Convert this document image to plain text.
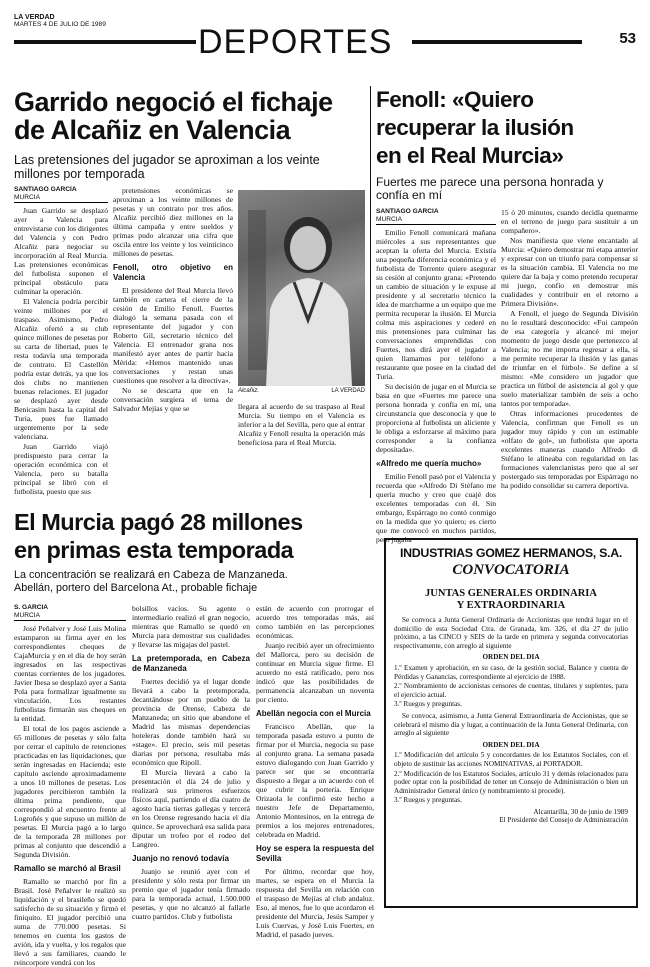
LA VERDAD
MARTES 4 DE JULIO DE 1989	DEPORTES	53
Garrido negoció el fichaje
de Alcañiz en Valencia
Las pretensiones del jugador se aproximan a los veinte millones por temporada
SANTIAGO GARCIA
MURCIA

Juan Garrido se desplazó ayer a Valencia para entrevistarse con los dirigentes del Valencia y con Pedro Alcañiz para negociar su incorporación al Real Murcia. Las pretensiones económicas del futbolista suponen el principal obstáculo para culminar la operación.

El Valencia podría percibir veinte millones por el traspaso. Asimismo, Pedro Alcañiz ofertó a su club quince millones de pesetas por su carta de libertad, pues le resta todavía una temporada de contrato. El Castellón podría estar detrás, ya que los dos clubs no mantienen buenas relaciones. El jugador se desplazó ayer desde Benicasim hasta la capital del Turia, pues fue llamado urgentemente por la sede valenciana.

Juan Garrido viajó predispuesto para cerrar la operación económica con el Valencia, pero su batalla principal se libró con el futbolista, puesto que sus

pretensiones económicas se aproximan a los veinte millones de pesetas y un contrato por tres años. Alcañiz percibió diez millones en la última campaña y entre sueldos y primas pudo alcanzar una cifra que oscila entre los veinte y los veinticinco millones de pesetas.

Fenoll, otro objetivo en Valencia

El presidente del Real Murcia llevó también en cartera el cierre de la cesión de Emilio Fenoll. Fuertes dialogó la semana pasada con el representante del jugador y con Roberto Gil, secretario técnico del Valencia. El entrenador grana nos manifestó ayer antes de partir hacia Mérida: «Hemos mantenido unas conversaciones y restan unas cuestiones que resolver a la directiva».

No se descarta que en la conversación surgiera el tema de Salvador Mejías y que se

Alcañiz.	LA VERDAD

llegara al acuerdo de su traspaso al Real Murcia. Su tiempo en el Valencia es inferior a la del Sevilla, pero que al entrar Alcañiz y Fenoll resulta la operación más beneficiosa para el Real Murcia.

Fenoll: «Quiero
recuperar la ilusión
en el Real Murcia»
Fuertes me parece una persona honrada y confía en mí
SANTIAGO GARCIA
MURCIA

Emilio Fenoll comunicará mañana miércoles a sus representantes que aceptan la oferta del Murcia. Existía una pequeña diferencia económica y el futbolista de Torrente quiere asegurar su cesión al conjunto grana: «Pretendo un cambio de situación y le expuse al presidente y al secretario técnico la idea de marcharme a un equipo que me permita recuperar la ilusión. El Murcia colma mis aspiraciones y cederé en mis pretensiones para culminar las conversaciones emprendidas con Fuertes, nos dirá ayer el jugador a quien llamamos por teléfono a restaurante que posee en la ciudad del Turia.

Su decisión de jugar en el Murcia se basa en que «Fuertes me parece una persona honrada y confía en mí, una circunstancia que desconocía y que le proporciona al futbolista un aliciente y le obliga a esforzarse al máximo para corresponder a la confianza depositada».

«Alfredo me quería mucho»

Emilio Fenoll pasó por el Valencia y recuerda que «Alfredo Di Stéfano me quería mucho y creo que cuajé dos excelentes temporadas con él. Sin embargo, Espárrago no contó conmigo en la medida que yo quiero; es cierto que me convocó en muchos partidos, pero jugaba

15 ó 20 minutos, cuando decidía quemarme en el terreno de juego para sustituir a un compañero».

Nos manifiesta que viene encantado al Murcia: «Quiero demostrar mi etapa anterior y expresar con un triunfo para compensar si es la situación cambia. El Valencia no me quiere dar la baja y como pretendo recuperar mi juego, confío en demostrar mis cualidades y contribuir en el retorno a Primera División».

A Fenoll, el juego de Segunda División no le resultará desconocido: «Fui campeón de esa categoría y alcancé mi mejor momento de juego desde que pertenezco al Valencia; no me importa regresar a ella, si me permite recuperar la ilusión y las ganas de triunfar en el fútbol». Se define a sí mismo: «Me considero un jugador que practica un fútbol de asistencia al gol y que suelo materializar también de seis a ocho tantos por temporada».

Otras informaciones procedentes de Valencia, confirman que Fenoll es un jugador muy rápido y con un estimable «olfato de gol», un futbolista que aporta excelentes maneras cuando Alfredo di Stéfano le alineaba con regularidad en las formaciones valencianistas pero que al ser postergado sus temporadas por Espárrago no ha podido consolidar su carrera deportiva.

El Murcia pagó 28 millones
en primas esta temporada
La concentración se realizará en Cabeza de Manzaneda.
Abellán, portero del Barcelona At., probable fichaje
S. GARCIA
MURCIA

José Peñalver y José Luis Molina estamparon su firma ayer en los correspondientes cheques de CajaMurcia y en el día de hoy serán ingresados en las respectivas cuentas corrientes de los jugadores. Javier Ibesa se desplazó ayer a Santa Pola para formalizar igualmente su vinculación. Los restantes futbolistas firmarán sus cheques en la entidad.

El total de los pagos asciende a 65 millones de pesetas y sólo falta por cerrar el capítulo de retenciones practicadas en las liquidaciones, que serán ingresadas en Hacienda; este capítulo asciende aproximadamente a unos 10 millones de pesetas. Los jugadores percibieron también la última prima pendiente, que correspondió al encuentro frente al Logroñés y que supuso un millón de pesetas. El Murcia pagó a lo largo de la temporada 28 millones por primas al conjunto que descendió a Segunda División.

Ramallo se marchó al Brasil

Ramallo se marchó por fin a Brasil. José Peñalver le realizó su liquidación y el brasileño se quedó satisfecho de su situación y firmó el finiquito. El jugador percibió una suma de 770.000 pesetas. Si tenemos en cuenta los gastos de avión, ida y vuelta, y los regalos que llevó a sus familiares, cuando le reincorpore vendrá con los

bolsillos vacíos. Su agente o intermediario realizó el gran negocio, mientras que Ramallo se quedó en Murcia para demostrar sus cualidades y llevarse las migajas del pastel.

La pretemporada, en Cabeza de Manzaneda

Fuertes decidió ya el lugar donde llevará a cabo la pretemporada, decantándose por un pueblo de la provincia de Orense, Cabeza de Manzaneda; un sitio que abandone el Madrid las mismas dependencias hoteleras donde también hará su «stage». El precio, seis mil pesetas diarias por persona, resultaba más económico que Ripoll.

El Murcia llevará a cabo la presentación el día 24 de julio y realizará sus primeros esfuerzos físicos aquí, partiendo el día cuatro de agosto hacia tierras gallegas y tercerá en los Orense regresando hacia el día quince. Se aprovechará esa salida para diputar un trofeo por el rodeo del Langreo.

Juanjo no renovó todavía

Juanjo se reunió ayer con el presidente y sólo resta por firmar un premio que el jugador tenía firmado para la temporada actual, 1.500.000 pesetas, y que no alcanzó al fallarle cuatro partidos. Club y futbolista

están de acuerdo con prorrogar el acuerdo tres temporadas más, así como también en las percepciones económicas.

Juanjo recibió ayer un ofrecimiento del Mallorca, pero su decisión de continuar en Murcia sigue firme. El acuerdo no está ratificado, pero nos indicó que las posibilidades de permanencia alcanzaban un noventa por ciento.

Abellán negocia con el Murcia

Francisco Abellán, que la temporada pasada estuvo a punto de firmar por el Murcia, negocia su pase al conjunto grana. La semana pasada estuvo dialogando con Juan Garrido y parece ser que se encontraría dispuesto a llegar a un acuerdo con el que cubrir la portería. Enrique Orizaola le confirmó este hecho a nuestro Jefe de Departamento, Antonio Montesinos, en la entrega de premios a los mejores entrenadores, celebrada en Madrid.

Hoy se espera la respuesta del Sevilla

Por último, recordar que hoy, martes, se espera en el Murcia la respuesta del Sevilla en relación con el traspaso de Mejías al club andaluz. Eso, al menos, fue lo que acordaron el presidente del Murcia, Jesús Samper y Luis Cuervas, y José Luis Fuertes, en Madrid, el pasado jueves.

INDUSTRIAS GOMEZ HERMANOS, S.A.
CONVOCATORIA
JUNTAS GENERALES ORDINARIA
Y EXTRAORDINARIA

Se convoca a Junta General Ordinaria de Accionistas que tendrá lugar en el domicilio de esta Sociedad Ctra. de Granada, km. 326, el día 27 de julio próximo, a las CINCO y SEIS de la tarde en primera y segunda convocatorias respectivamente, con arreglo al siguiente

ORDEN DEL DIA

1.º Examen y aprobación, en su caso, de la gestión social, Balance y cuenta de Pérdidas y Ganancias, correspondiente al ejercicio de 1988.

2.º Nombramiento de accionistas censores de cuentas, titulares y suplentes, para el ejercicio actual.

3.º Ruegos y preguntas.

Se convoca, asimismo, a Junta General Extraordinaria de Accionistas, que se celebrará el mismo día y lugar, a continuación de la Junta General Ordinaria, con arreglo al siguiente

ORDEN DEL DIA

1.º Modificación del artículo 5 y concordantes de los Estatutos Sociales, con el objeto de sustituir las acciones NOMINATIVAS, al PORTADOR.

2.º Modificación de los Estatutos Sociales, artículo 31 y demás relacionados para poder optar con la posibilidad de tener un Consejo de Administración o bien un Administrador General único (y nombramiento si procede).

3.º Ruegos y preguntas.

Alcantarilla, 30 de junio de 1989
El Presidente del Consejo de Administración
